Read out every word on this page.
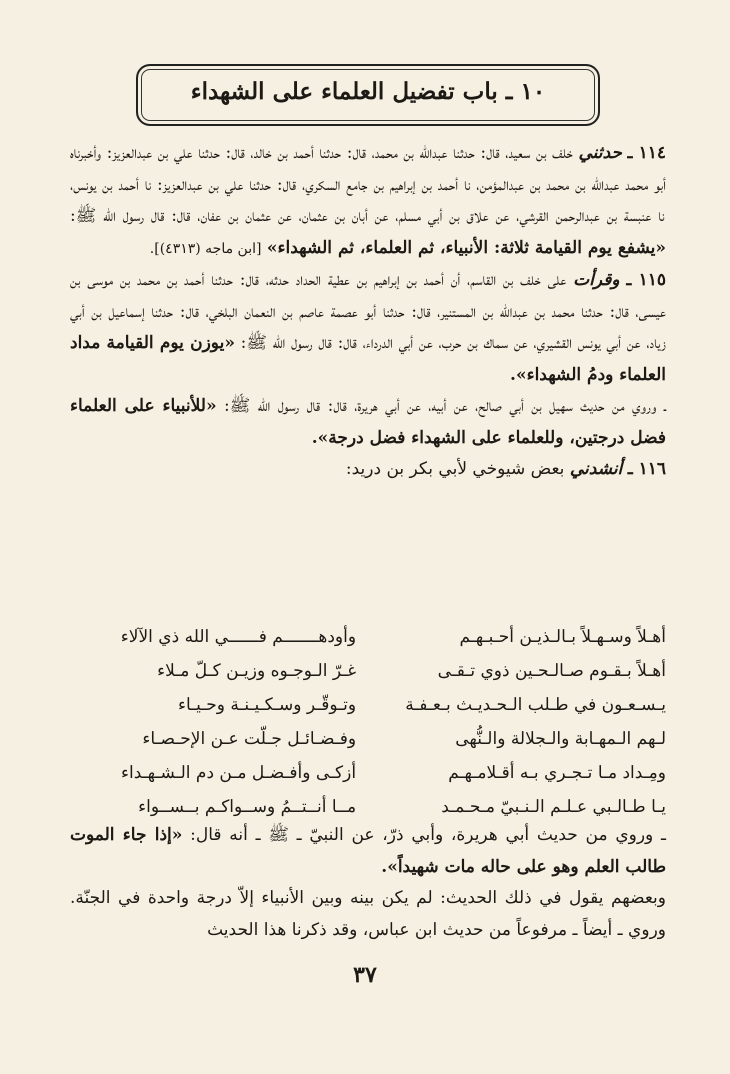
١٠ ـ باب تفضيل العلماء على الشهداء

١١٤ ـ حدثني خلف بن سعيد، قال: حدثنا عبدالله بن محمد، قال: حدثنا أحمد بن خالد، قال: حدثنا علي بن عبدالعزيز: وأخبرناه أبو محمد عبدالله بن محمد بن عبدالمؤمن، نا أحمد بن إبراهيم بن جامع السكري، قال: حدثنا علي بن عبدالعزيز: نا أحمد بن يونس، نا عنبسة بن عبدالرحمن القرشي، عن علاق بن أبي مسلم، عن أبان بن عثمان، عن عثمان بن عفان، قال: قال رسول الله ﷺ: «يشفع يوم القيامة ثلاثة: الأنبياء، ثم العلماء، ثم الشهداء» [ابن ماجه (٤٣١٣)].

١١٥ ـ وقرأت على خلف بن القاسم، أن أحمد بن إبراهيم بن عطية الحداد حدثه، قال: حدثنا أحمد بن محمد بن موسى بن عيسى، قال: حدثنا محمد بن عبدالله بن المستنير، قال: حدثنا أبو عصمة عاصم بن النعمان البلخي، قال: حدثنا إسماعيل بن أبي زياد، عن أبي يونس القشيري، عن سماك بن حرب، عن أبي الدرداء، قال: قال رسول الله ﷺ: «يوزن يوم القيامة مداد العلماء ودمُ الشهداء».

ـ وروي من حديث سهيل بن أبي صالح، عن أبيه، عن أبي هريرة، قال: قال رسول الله ﷺ: «للأنبياء على العلماء فضل درجتين، وللعلماء على الشهداء فضل درجة».

١١٦ ـ أنشدني بعض شيوخي لأبي بكر بن دريد:

أهـلاً وسـهـلاً بـالـذيـن أحـبـهـم
وأودهـــــــم فــــــي الله ذي الآلاء
أهـلاً بـقـوم صـالـحـين ذوي تـقـى
غـرّ الـوجـوه وزيـن كـلّ مـلاء
يـسـعـون في طـلب الـحـديـث بـعـفـة
وتـوقّـر وسـكـيـنـة وحـيـاء
لـهم الـمهـابة والـجلالة والـنُّهى
وفـضـائـل جـلّت عـن الإحـصـاء
ومِـداد مـا تـجـري بـه أقـلامـهـم
أزكـى وأفـضـل مـن دم الـشـهـداء
يـا طـالـبي عـلـم الـنـبيّ مـحـمـد
مــا أنــتــمُ وســواكـم بــســواء

ـ وروي من حديث أبي هريرة، وأبي ذرّ، عن النبيّ ـ ﷺ ـ أنه قال: «إذا جاء الموت طالب العلم وهو على حاله مات شهيداً».

وبعضهم يقول في ذلك الحديث: لم يكن بينه وبين الأنبياء إلاّ درجة واحدة في الجنّة. وروي ـ أيضاً ـ مرفوعاً من حديث ابن عباس، وقد ذكرنا هذا الحديث

٣٧
